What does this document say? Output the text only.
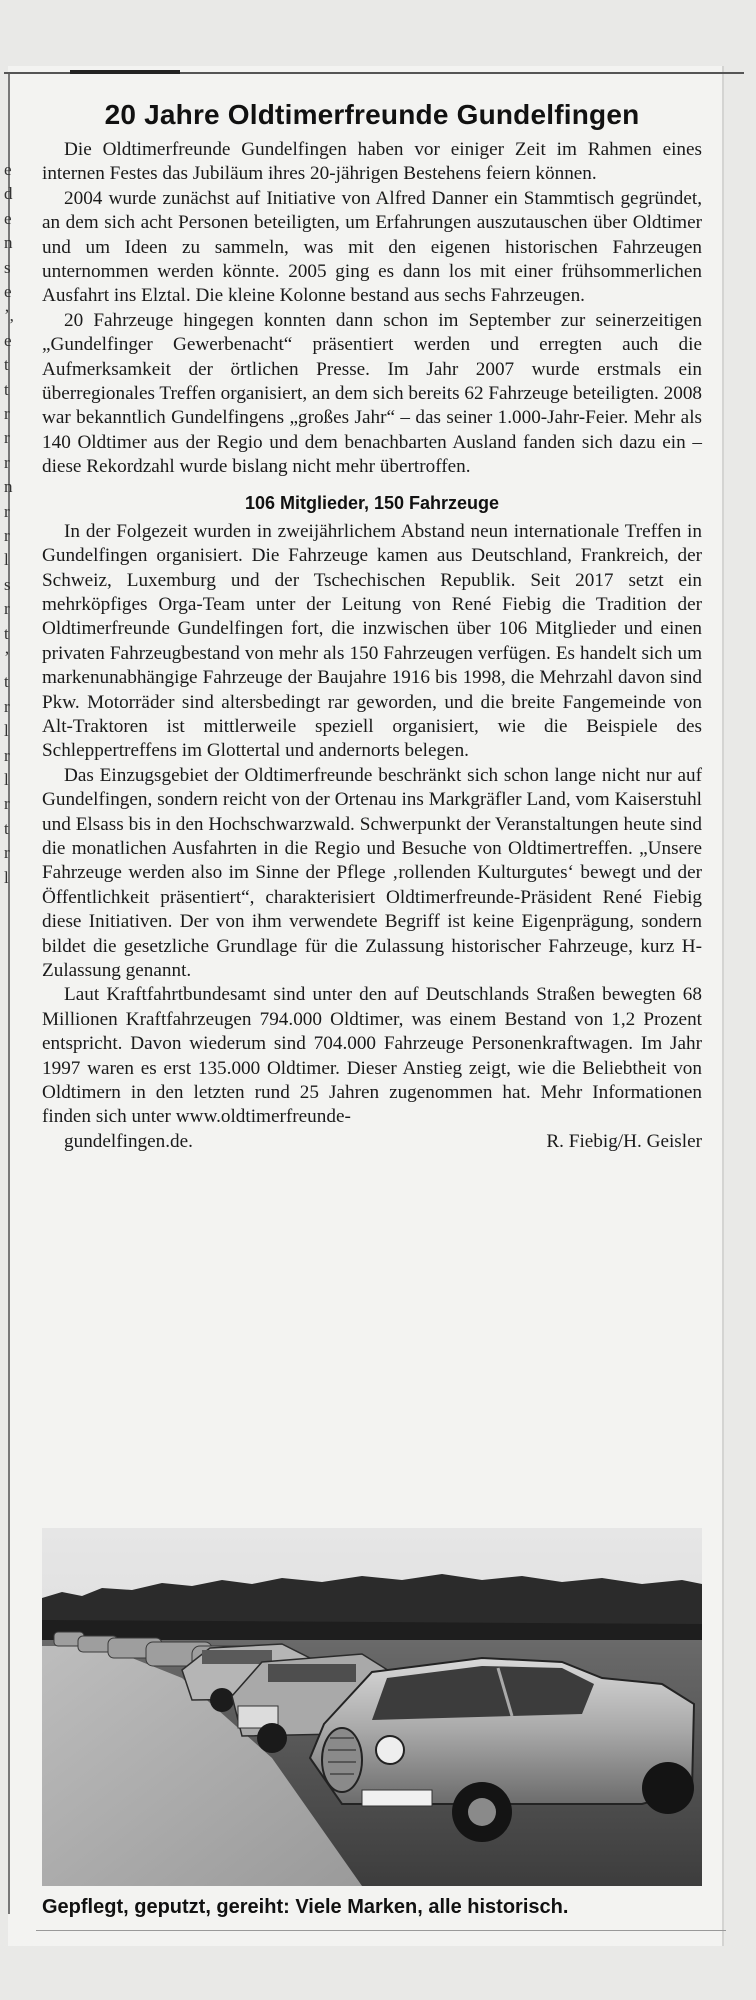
e
d
e
n
s
e
ʼ,
e
t
t
r
r
r
n
r
r
l
s
r
t
ʼ
t
r
l
r
l
r
t
r
l
20 Jahre Oldtimerfreunde Gundelfingen

Die Oldtimerfreunde Gundelfingen haben vor einiger Zeit im Rahmen eines internen Festes das Jubiläum ihres 20-jährigen Bestehens feiern können.

2004 wurde zunächst auf Initiative von Alfred Danner ein Stammtisch gegründet, an dem sich acht Personen beteiligten, um Erfahrungen auszutauschen über Oldtimer und um Ideen zu sammeln, was mit den eigenen historischen Fahrzeugen unternommen werden könnte. 2005 ging es dann los mit einer frühsommerlichen Ausfahrt ins Elztal. Die kleine Kolonne bestand aus sechs Fahrzeugen.

20 Fahrzeuge hingegen konnten dann schon im September zur seinerzeitigen „Gundelfinger Gewerbenacht“ präsentiert werden und erregten auch die Aufmerksamkeit der örtlichen Presse. Im Jahr 2007 wurde erstmals ein überregionales Treffen organisiert, an dem sich bereits 62 Fahrzeuge beteiligten. 2008 war bekanntlich Gundelfingens „großes Jahr“ – das seiner 1.000-Jahr-Feier. Mehr als 140 Oldtimer aus der Regio und dem benachbarten Ausland fanden sich dazu ein – diese Rekordzahl wurde bislang nicht mehr übertroffen.

106 Mitglieder, 150 Fahrzeuge

In der Folgezeit wurden in zweijährlichem Abstand neun internationale Treffen in Gundelfingen organisiert. Die Fahrzeuge kamen aus Deutschland, Frankreich, der Schweiz, Luxemburg und der Tschechischen Republik. Seit 2017 setzt ein mehrköpfiges Orga-Team unter der Leitung von René Fiebig die Tradition der Oldtimerfreunde Gundelfingen fort, die inzwischen über 106 Mitglieder und einen privaten Fahrzeugbestand von mehr als 150 Fahrzeugen verfügen. Es handelt sich um markenunabhängige Fahrzeuge der Baujahre 1916 bis 1998, die Mehrzahl davon sind Pkw. Motorräder sind altersbedingt rar geworden, und die breite Fangemeinde von Alt-Traktoren ist mittlerweile speziell organisiert, wie die Beispiele des Schleppertreffens im Glottertal und andernorts belegen.

Das Einzugsgebiet der Oldtimerfreunde beschränkt sich schon lange nicht nur auf Gundelfingen, sondern reicht von der Ortenau ins Markgräfler Land, vom Kaiserstuhl und Elsass bis in den Hochschwarzwald. Schwerpunkt der Veranstaltungen heute sind die monatlichen Ausfahrten in die Regio und Besuche von Oldtimertreffen. „Unsere Fahrzeuge werden also im Sinne der Pflege ‚rollenden Kulturgutes‘ bewegt und der Öffentlichkeit präsentiert“, charakterisiert Oldtimerfreunde-Präsident René Fiebig diese Initiativen. Der von ihm verwendete Begriff ist keine Eigenprägung, sondern bildet die gesetzliche Grundlage für die Zulassung historischer Fahrzeuge, kurz H-Zulassung genannt.

Laut Kraftfahrtbundesamt sind unter den auf Deutschlands Straßen bewegten 68 Millionen Kraftfahrzeugen 794.000 Oldtimer, was einem Bestand von 1,2 Prozent entspricht. Davon wiederum sind 704.000 Fahrzeuge Personenkraftwagen. Im Jahr 1997 waren es erst 135.000 Oldtimer. Dieser Anstieg zeigt, wie die Beliebtheit von Oldtimern in den letzten rund 25 Jahren zugenommen hat. Mehr Informationen finden sich unter www.oldtimerfreunde-

gundelfingen.de.	R. Fiebig/H. Geisler

Gepflegt, geputzt, gereiht: Viele Marken, alle historisch.
